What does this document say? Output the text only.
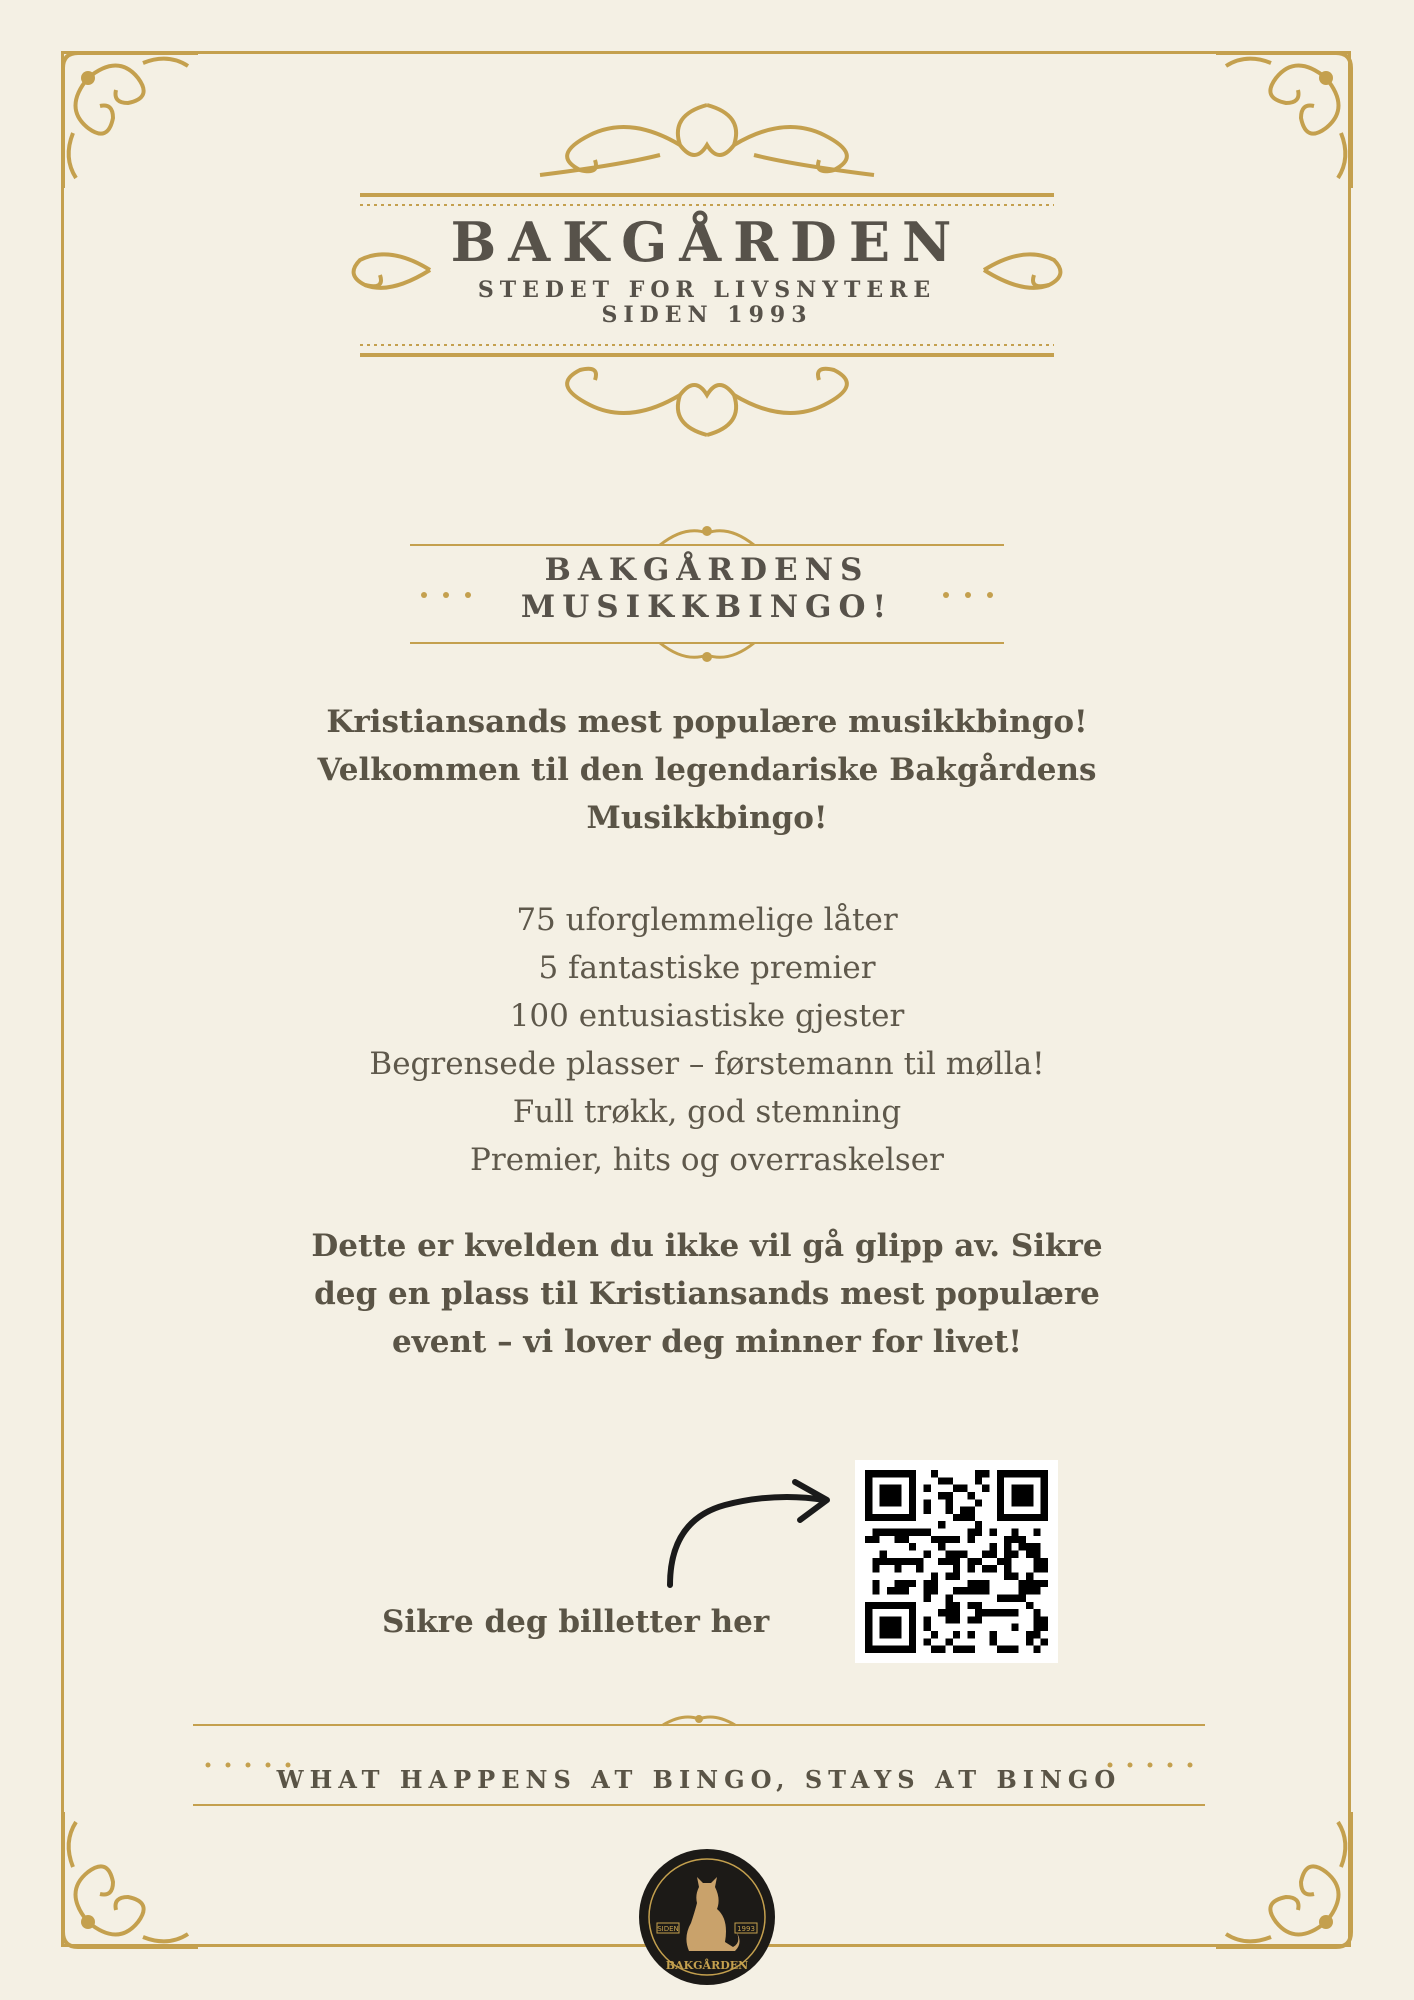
BAKGÅRDEN
STEDET FOR LIVSNYTERE
SIDEN 1993
BAKGÅRDENS
MUSIKKBINGO!
Kristiansands mest populære musikkbingo!
Velkommen til den legendariske Bakgårdens
Musikkbingo!
75 uforglemmelige låter
5 fantastiske premier
100 entusiastiske gjester
Begrensede plasser – førstemann til mølla!
Full trøkk, god stemning
Premier, hits og overraskelser
Dette er kvelden du ikke vil gå glipp av. Sikre
deg en plass til Kristiansands mest populære
event – vi lover deg minner for livet!
Sikre deg billetter her
WHAT HAPPENS AT BINGO, STAYS AT BINGO
SIDEN	1993
BAKGÅRDEN
